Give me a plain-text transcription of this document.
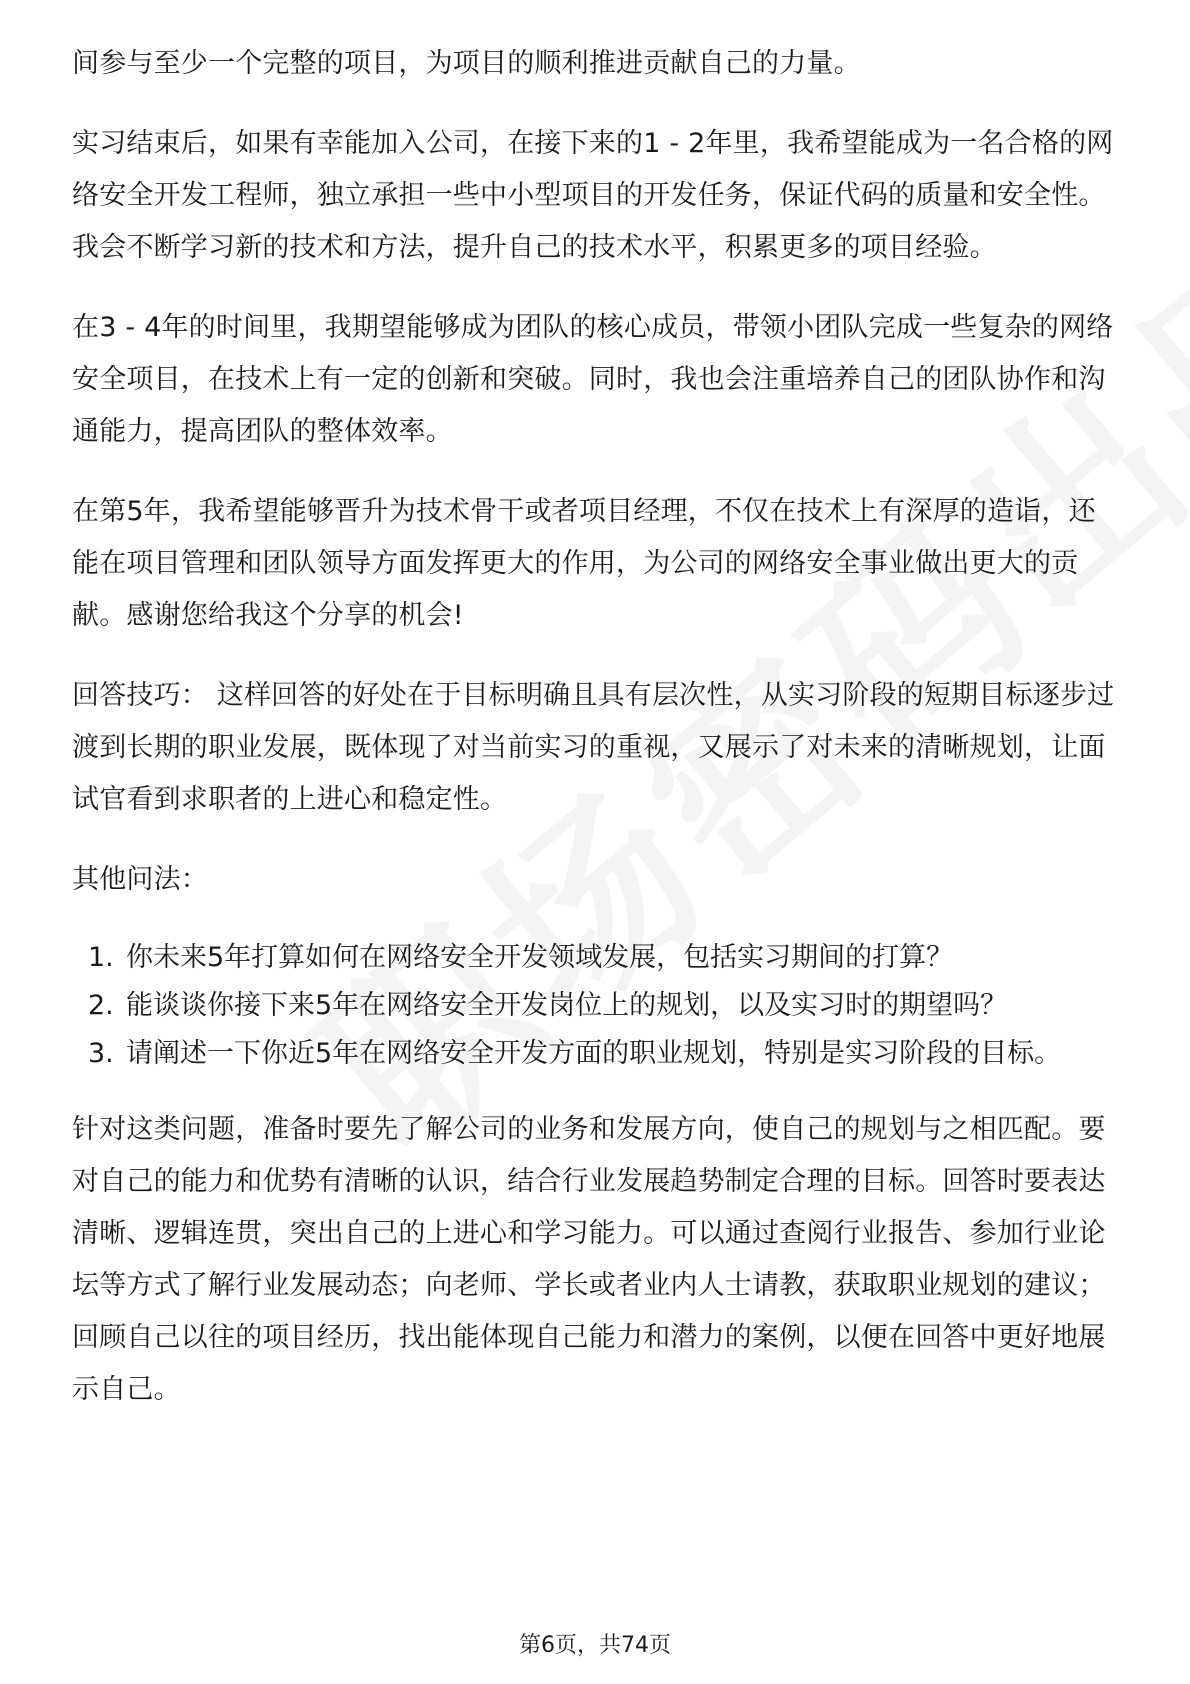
间参与至少一个完整的项目，为项目的顺利推进贡献自己的力量。

实习结束后，如果有幸能加入公司，在接下来的1 - 2年里，我希望能成为一名合格的网络安全开发工程师，独立承担一些中小型项目的开发任务，保证代码的质量和安全性。我会不断学习新的技术和方法，提升自己的技术水平，积累更多的项目经验。

在3 - 4年的时间里，我期望能够成为团队的核心成员，带领小团队完成一些复杂的网络安全项目，在技术上有一定的创新和突破。同时，我也会注重培养自己的团队协作和沟通能力，提高团队的整体效率。

在第5年，我希望能够晋升为技术骨干或者项目经理，不仅在技术上有深厚的造诣，还能在项目管理和团队领导方面发挥更大的作用，为公司的网络安全事业做出更大的贡献。感谢您给我这个分享的机会!

回答技巧： 这样回答的好处在于目标明确且具有层次性，从实习阶段的短期目标逐步过渡到长期的职业发展，既体现了对当前实习的重视，又展示了对未来的清晰规划，让面试官看到求职者的上进心和稳定性。

其他问法：

1. 你未来5年打算如何在网络安全开发领域发展，包括实习期间的打算？
2. 能谈谈你接下来5年在网络安全开发岗位上的规划，以及实习时的期望吗？
3. 请阐述一下你近5年在网络安全开发方面的职业规划，特别是实习阶段的目标。

针对这类问题，准备时要先了解公司的业务和发展方向，使自己的规划与之相匹配。要对自己的能力和优势有清晰的认识，结合行业发展趋势制定合理的目标。回答时要表达清晰、逻辑连贯，突出自己的上进心和学习能力。可以通过查阅行业报告、参加行业论坛等方式了解行业发展动态；向老师、学长或者业内人士请教，获取职业规划的建议；回顾自己以往的项目经历，找出能体现自己能力和潜力的案例，以便在回答中更好地展示自己。

第6页，共74页
